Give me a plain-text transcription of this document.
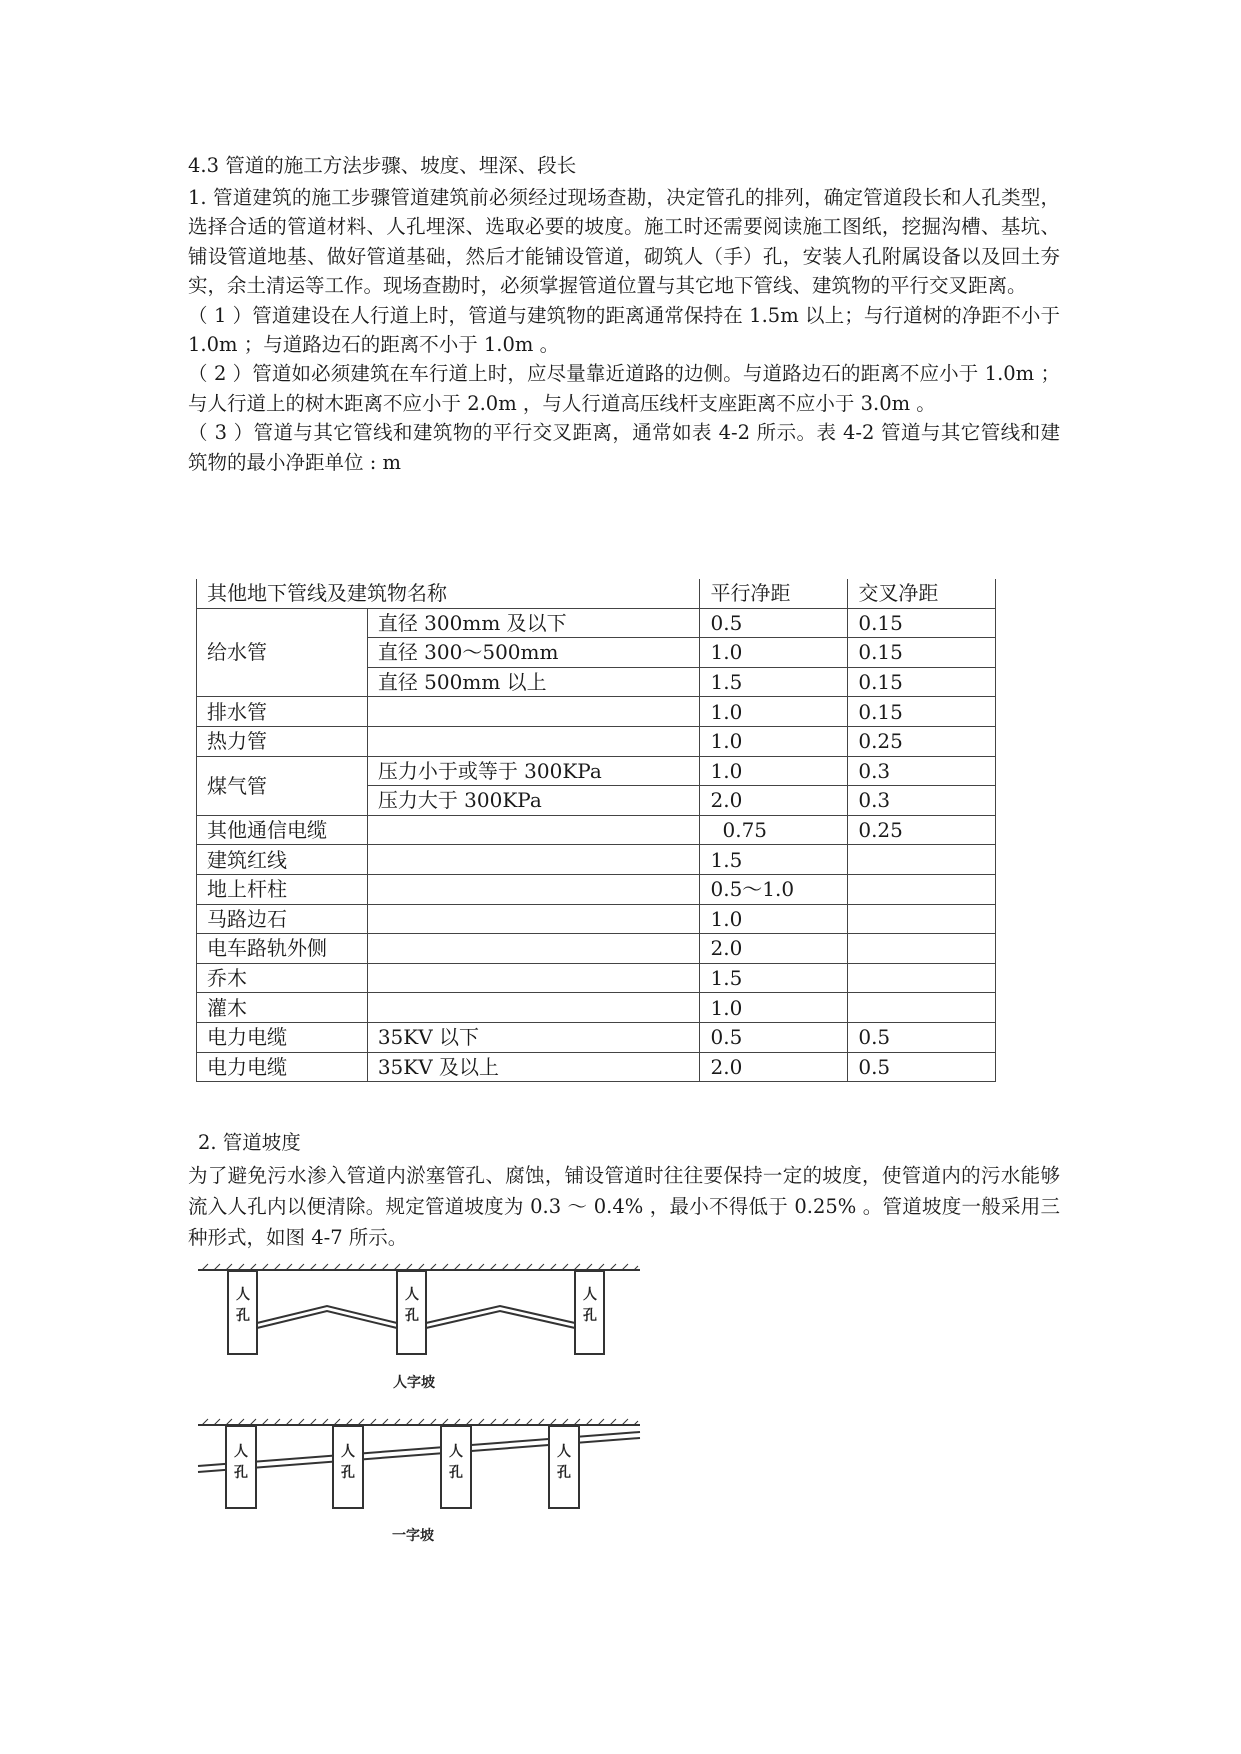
4.3 管道的施工方法步骤、坡度、埋深、段长

1. 管道建筑的施工步骤管道建筑前必须经过现场查勘，决定管孔的排列，确定管道段长和人孔类型，选择合适的管道材料、人孔埋深、选取必要的坡度。施工时还需要阅读施工图纸，挖掘沟槽、基坑、铺设管道地基、做好管道基础，然后才能铺设管道，砌筑人（手）孔，安装人孔附属设备以及回土夯实，余土清运等工作。现场查勘时，必须掌握管道位置与其它地下管线、建筑物的平行交叉距离。

（ 1 ）管道建设在人行道上时，管道与建筑物的距离通常保持在 1.5m 以上；与行道树的净距不小于 1.0m ；与道路边石的距离不小于 1.0m 。

（ 2 ）管道如必须建筑在车行道上时，应尽量靠近道路的边侧。与道路边石的距离不应小于 1.0m ；与人行道上的树木距离不应小于 2.0m ，与人行道高压线杆支座距离不应小于 3.0m 。

（ 3 ）管道与其它管线和建筑物的平行交叉距离，通常如表 4-2 所示。表 4-2 管道与其它管线和建筑物的最小净距单位 : m

其他地下管线及建筑物名称		平行净距	交叉净距
给水管	直径 300mm 及以下	0.5	0.15
	直径 300～500mm	1.0	0.15
	直径 500mm 以上	1.5	0.15
排水管		1.0	0.15
热力管		1.0	0.25
煤气管	压力小于或等于 300KPa	1.0	0.3
	压力大于 300KPa	2.0	0.3
其他通信电缆		0.75	0.25
建筑红线		1.5	
地上杆柱		0.5～1.0	
马路边石		1.0	
电车路轨外侧		2.0	
乔木		1.5	
灌木		1.0	
电力电缆	35KV 以下	0.5	0.5
电力电缆	35KV 及以上	2.0	0.5
2. 管道坡度

为了避免污水渗入管道内淤塞管孔、腐蚀，铺设管道时往往要保持一定的坡度，使管道内的污水能够流入人孔内以便清除。规定管道坡度为 0.3 ～ 0.4% ，最小不得低于 0.25% 。管道坡度一般采用三种形式，如图 4-7 所示。

人
孔
人
孔
人
孔
人字坡
人
孔
人
孔
人
孔
人
孔
一字坡
